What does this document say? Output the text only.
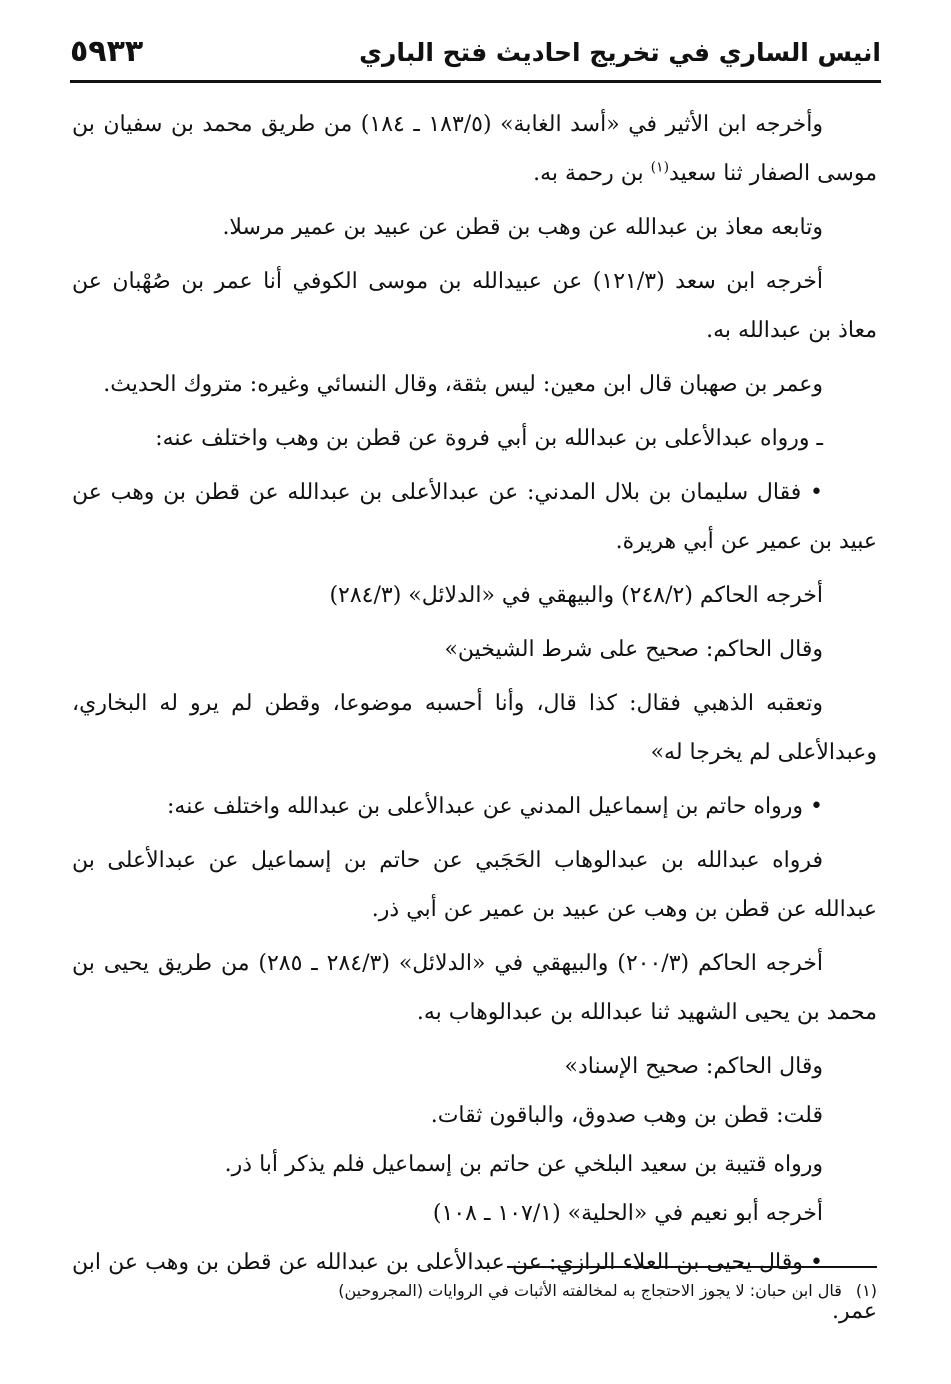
انيس الساري في تخريج احاديث فتح الباري
٥٩٣٣

وأخرجه ابن الأثير في «أسد الغابة» (١٨٣/٥ ـ ١٨٤) من طريق محمد بن سفيان بن موسى الصفار ثنا سعيد$^{(١)}$ بن رحمة به.

وتابعه معاذ بن عبدالله عن وهب بن قطن عن عبيد بن عمير مرسلا.

أخرجه ابن سعد (١٢١/٣) عن عبيدالله بن موسى الكوفي أنا عمر بن صُهْبان عن معاذ بن عبدالله به.

وعمر بن صهبان قال ابن معين: ليس بثقة، وقال النسائي وغيره: متروك الحديث.

ـ ورواه عبدالأعلى بن عبدالله بن أبي فروة عن قطن بن وهب واختلف عنه:

• فقال سليمان بن بلال المدني: عن عبدالأعلى بن عبدالله عن قطن بن وهب عن عبيد بن عمير عن أبي هريرة.

أخرجه الحاكم (٢٤٨/٢) والبيهقي في «الدلائل» (٢٨٤/٣)

وقال الحاكم: صحيح على شرط الشيخين»

وتعقبه الذهبي فقال: كذا قال، وأنا أحسبه موضوعا، وقطن لم يرو له البخاري، وعبدالأعلى لم يخرجا له»

• ورواه حاتم بن إسماعيل المدني عن عبدالأعلى بن عبدالله واختلف عنه:

فرواه عبدالله بن عبدالوهاب الحَجَبي عن حاتم بن إسماعيل عن عبدالأعلى بن عبدالله عن قطن بن وهب عن عبيد بن عمير عن أبي ذر.

أخرجه الحاكم (٢٠٠/٣) والبيهقي في «الدلائل» (٢٨٤/٣ ـ ٢٨٥) من طريق يحيى بن محمد بن يحيى الشهيد ثنا عبدالله بن عبدالوهاب به.

وقال الحاكم: صحيح الإسناد»

قلت: قطن بن وهب صدوق، والباقون ثقات.

ورواه قتيبة بن سعيد البلخي عن حاتم بن إسماعيل فلم يذكر أبا ذر.

أخرجه أبو نعيم في «الحلية» (١٠٧/١ ـ ١٠٨)

• وقال يحيى بن العلاء الرازي: عن عبدالأعلى بن عبدالله عن قطن بن وهب عن ابن عمر.

(١)قال ابن حبان: لا يجوز الاحتجاج به لمخالفته الأثبات في الروايات (المجروحين)
